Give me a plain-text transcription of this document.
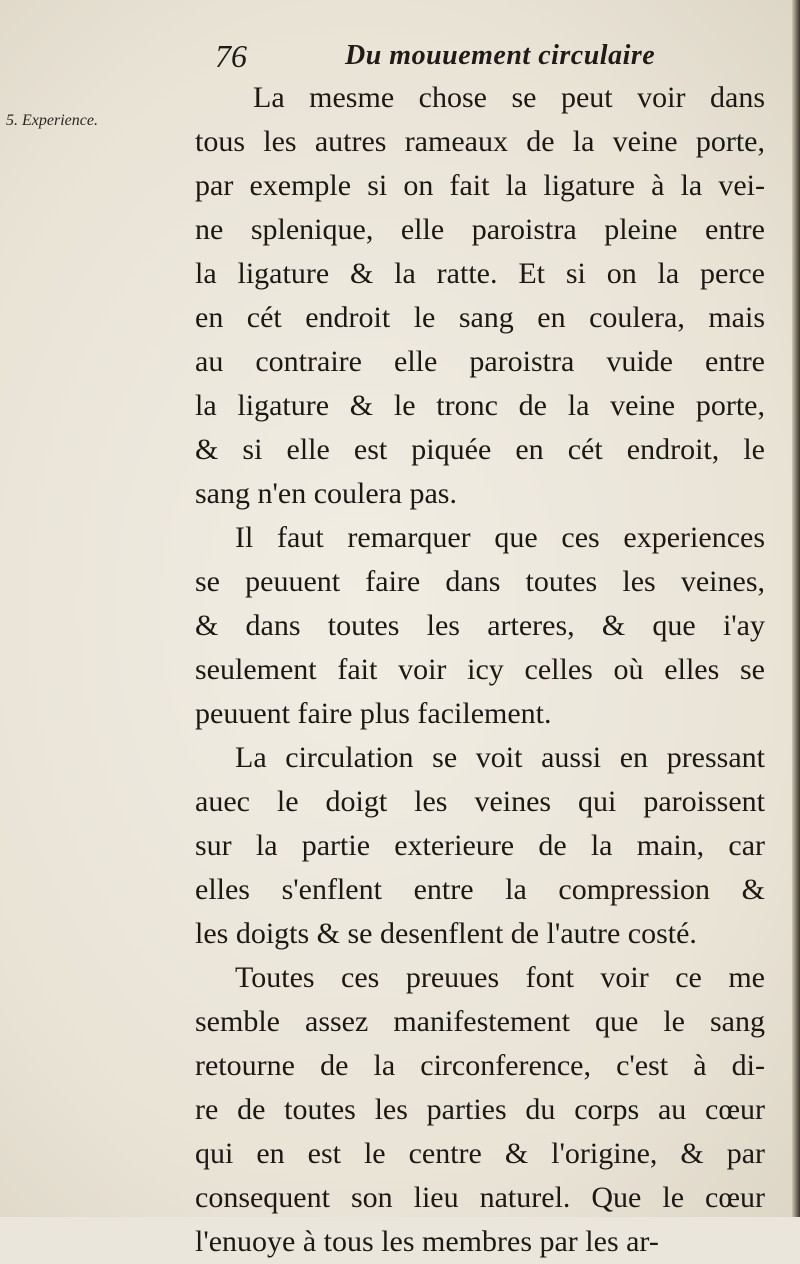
76	Du mouuement circulaire
5. Experience.
La mesme chose se peut voir dans
tous les autres rameaux de la veine porte,
par exemple si on fait la ligature à la vei-
ne splenique, elle paroistra pleine entre
la ligature & la ratte. Et si on la perce
en cét endroit le sang en coulera, mais
au contraire elle paroistra vuide entre
la ligature & le tronc de la veine porte,
& si elle est piquée en cét endroit, le
sang n'en coulera pas.
Il faut remarquer que ces experiences
se peuuent faire dans toutes les veines,
& dans toutes les arteres, & que i'ay
seulement fait voir icy celles où elles se
peuuent faire plus facilement.
La circulation se voit aussi en pressant
auec le doigt les veines qui paroissent
sur la partie exterieure de la main, car
elles s'enflent entre la compression &
les doigts & se desenflent de l'autre costé.
Toutes ces preuues font voir ce me
semble assez manifestement que le sang
retourne de la circonference, c'est à di-
re de toutes les parties du corps au cœur
qui en est le centre & l'origine, & par
consequent son lieu naturel. Que le cœur
l'enuoye à tous les membres par les ar-
